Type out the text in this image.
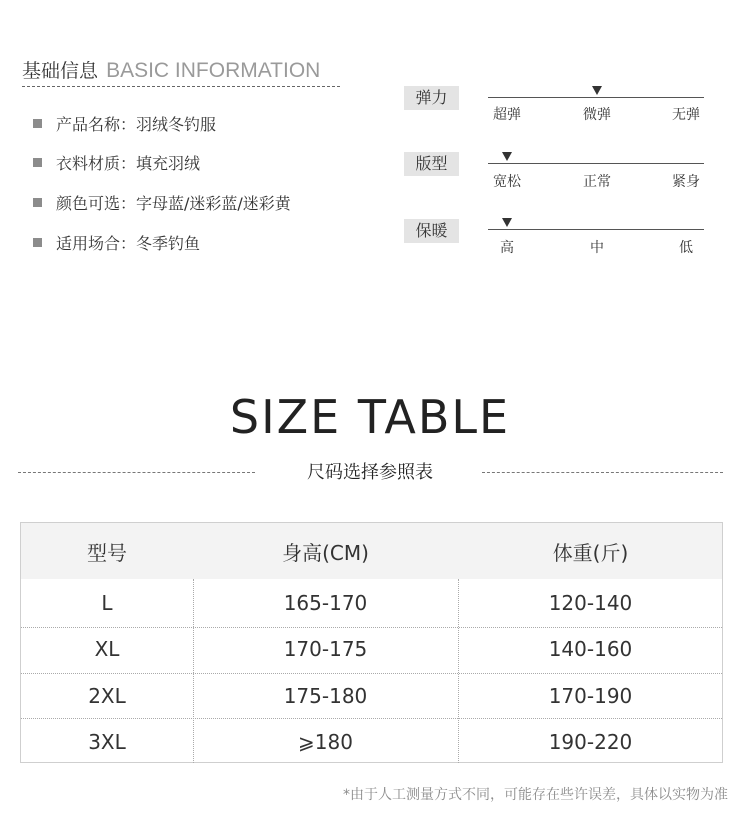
基础信息 BASIC INFORMATION
产品名称：羽绒冬钓服
衣料材质：填充羽绒
颜色可选：字母蓝/迷彩蓝/迷彩黄
适用场合：冬季钓鱼
弹力
超弹	微弹	无弹
版型
宽松	正常	紧身
保暖
高	中	低
SIZE TABLE
尺码选择参照表
型号	身高(CM)	体重(斤)
L	165-170	120-140
XL	170-175	140-160
2XL	175-180	170-190
3XL	⩾180	190-220
*由于人工测量方式不同，可能存在些许误差，具体以实物为准
